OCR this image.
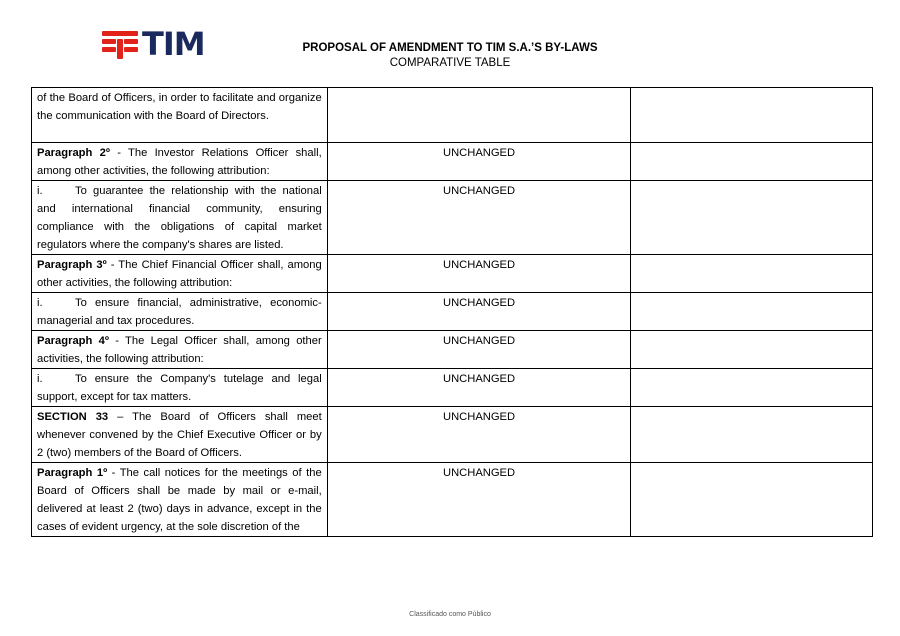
TIM	PROPOSAL OF AMENDMENT TO TIM S.A.’S BY-LAWS
COMPARATIVE TABLE
of the Board of Officers, in order to facilitate and organize the communication with the Board of Directors.		
Paragraph 2º - The Investor Relations Officer shall, among other activities, the following attribution:	UNCHANGED	
i. To guarantee the relationship with the national and international financial community, ensuring compliance with the obligations of capital market regulators where the company's shares are listed.	UNCHANGED	
Paragraph 3º - The Chief Financial Officer shall, among other activities, the following attribution:	UNCHANGED	
i. To ensure financial, administrative, economic-managerial and tax procedures.	UNCHANGED	
Paragraph 4º - The Legal Officer shall, among other activities, the following attribution:	UNCHANGED	
i. To ensure the Company's tutelage and legal support, except for tax matters.	UNCHANGED	
SECTION 33 – The Board of Officers shall meet whenever convened by the Chief Executive Officer or by 2 (two) members of the Board of Officers.	UNCHANGED	
Paragraph 1º - The call notices for the meetings of the Board of Officers shall be made by mail or e-mail, delivered at least 2 (two) days in advance, except in the cases of evident urgency, at the sole discretion of the	UNCHANGED	
Classificado como Público
